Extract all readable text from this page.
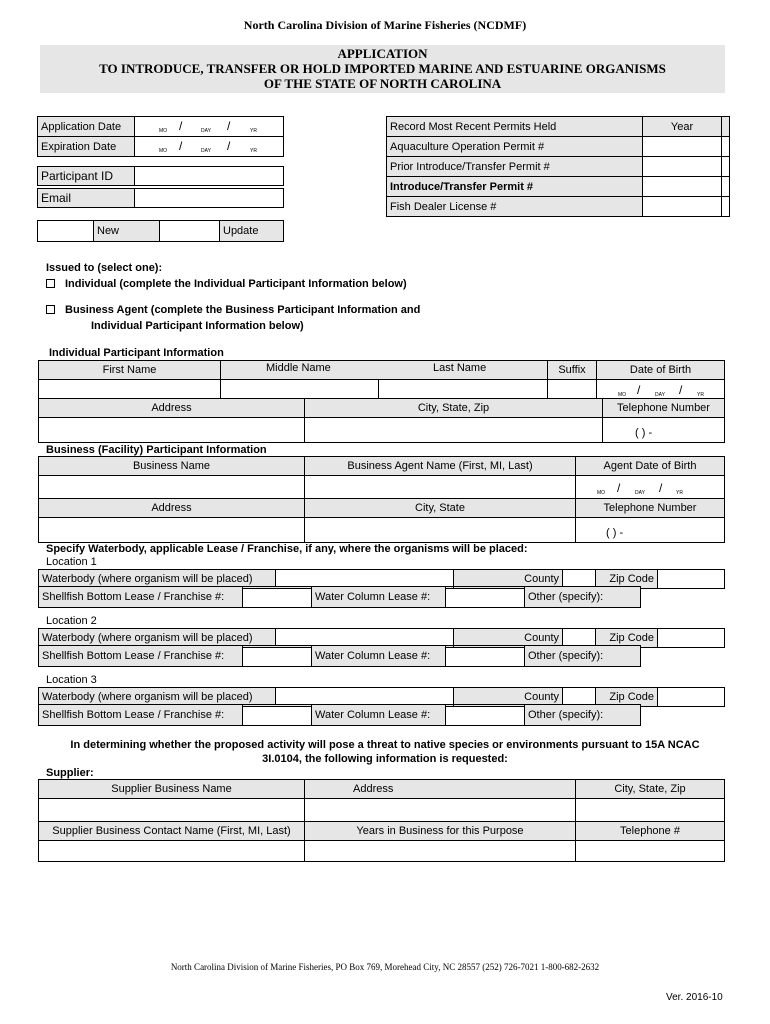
North Carolina Division of Marine Fisheries (NCDMF)
APPLICATION
TO INTRODUCE, TRANSFER OR HOLD IMPORTED MARINE AND ESTUARINE ORGANISMS
OF THE STATE OF NORTH CAROLINA
Application Date	MO / DAY / YR

Expiration Date	MO / DAY / YR
Participant ID	

Email	
	New		Update
Record Most Recent Permits Held	Year	
Aquaculture Operation Permit #		
Prior Introduce/Transfer Permit #		
Introduce/Transfer Permit #		
Fish Dealer License #		
Issued to (select one):
Individual (complete the Individual Participant Information below)
Business Agent (complete the Business Participant Information and
Individual Participant Information below)
Individual Participant Information
First Name	Middle Name Last Name		Suffix	Date of Birth

				MO / DAY / YR
Address	City, State, Zip	Telephone Number
		( ) -
Business (Facility) Participant Information
Business Name	Business Agent Name (First, MI, Last)	Agent Date of Birth

		MO / DAY / YR

Address	City, State	Telephone Number
		( ) -
Specify Waterbody, applicable Lease / Franchise, if any, where the organisms will be placed:
Location 1
Waterbody (where organism will be placed)	County		Zip Code	
Shellfish Bottom Lease / Franchise #:		Water Column Lease #:		Other (specify):
Location 2
Waterbody (where organism will be placed)	County		Zip Code	
Shellfish Bottom Lease / Franchise #:		Water Column Lease #:		Other (specify):
Location 3
Waterbody (where organism will be placed)	County		Zip Code	
Shellfish Bottom Lease / Franchise #:		Water Column Lease #:		Other (specify):
In determining whether the proposed activity will pose a threat to native species or environments pursuant to 15A NCAC
3I.0104, the following information is requested:
Supplier:
Supplier Business Name	Address	City, State, Zip

Supplier Business Contact Name (First, MI, Last)	Years in Business for this Purpose	Telephone #

North Carolina Division of Marine Fisheries, PO Box 769, Morehead City, NC 28557 (252) 726-7021 1-800-682-2632
Ver. 2016-10
